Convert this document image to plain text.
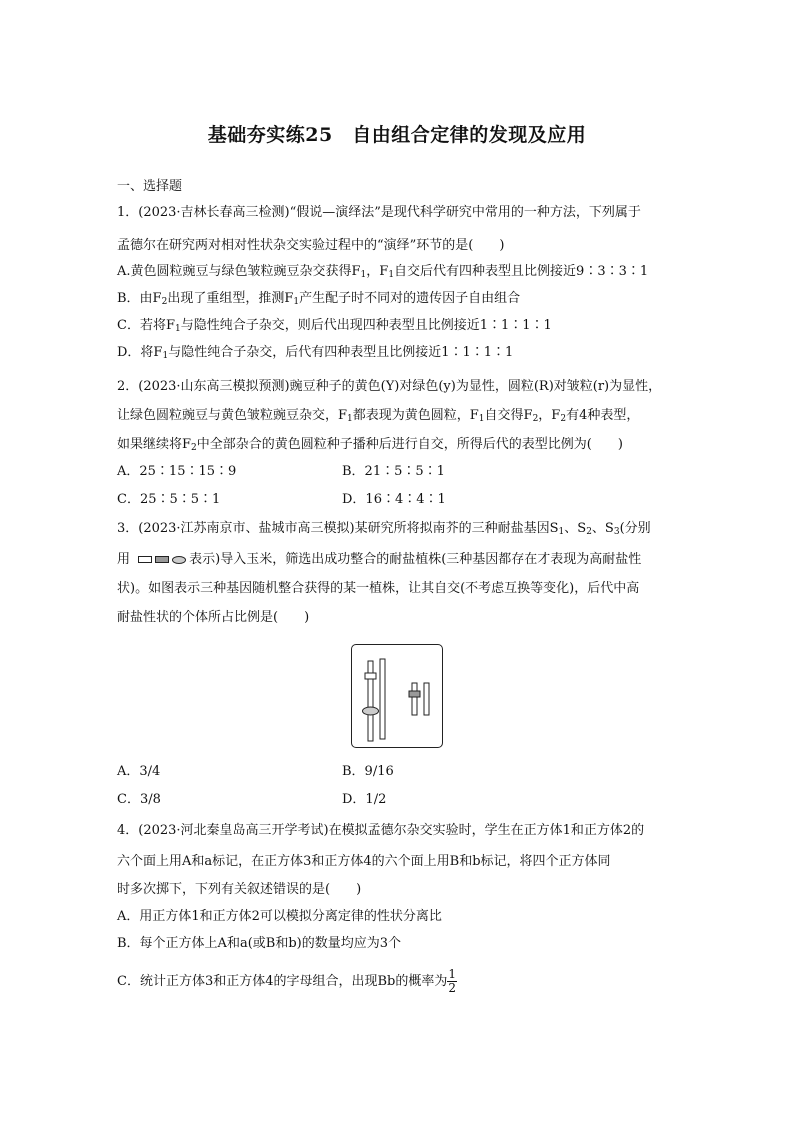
基础夯实练25　自由组合定律的发现及应用
一、选择题
1．(2023·吉林长春高三检测)“假说—演绎法”是现代科学研究中常用的一种方法，下列属于
孟德尔在研究两对相对性状杂交实验过程中的“演绎”环节的是(　　)
A.黄色圆粒豌豆与绿色皱粒豌豆杂交获得$F_1$，$F_1$自交后代有四种表型且比例接近9∶3∶3∶1
B．由$F_2$出现了重组型，推测$F_1$产生配子时不同对的遗传因子自由组合
C．若将$F_1$与隐性纯合子杂交，则后代出现四种表型且比例接近1∶1∶1∶1
D．将$F_1$与隐性纯合子杂交，后代有四种表型且比例接近1∶1∶1∶1
2．(2023·山东高三模拟预测)豌豆种子的黄色(Y)对绿色(y)为显性，圆粒(R)对皱粒(r)为显性，
让绿色圆粒豌豆与黄色皱粒豌豆杂交，$F_1$都表现为黄色圆粒，$F_1$自交得$F_2$，$F_2$有4种表型，
如果继续将$F_2$中全部杂合的黄色圆粒种子播种后进行自交，所得后代的表型比例为(　　)
A．25∶15∶15∶9	B．21∶5∶5∶1
C．25∶5∶5∶1	D．16∶4∶4∶1
3．(2023·江苏南京市、盐城市高三模拟)某研究所将拟南芥的三种耐盐基因$S_1$、$S_2$、$S_3$(分别
用	表示)导入玉米，筛选出成功整合的耐盐植株(三种基因都存在才表现为高耐盐性
状)。如图表示三种基因随机整合获得的某一植株，让其自交(不考虑互换等变化)，后代中高
耐盐性状的个体所占比例是(　　)
A．3/4	B．9/16
C．3/8	D．1/2
4．(2023·河北秦皇岛高三开学考试)在模拟孟德尔杂交实验时，学生在正方体1和正方体2的
六个面上用A和a标记，在正方体3和正方体4的六个面上用B和b标记，将四个正方体同
时多次掷下，下列有关叙述错误的是(　　)
A．用正方体1和正方体2可以模拟分离定律的性状分离比
B．每个正方体上A和a(或B和b)的数量均应为3个
C．统计正方体3和正方体4的字母组合，出现Bb的概率为 $\frac{1}{2}$
